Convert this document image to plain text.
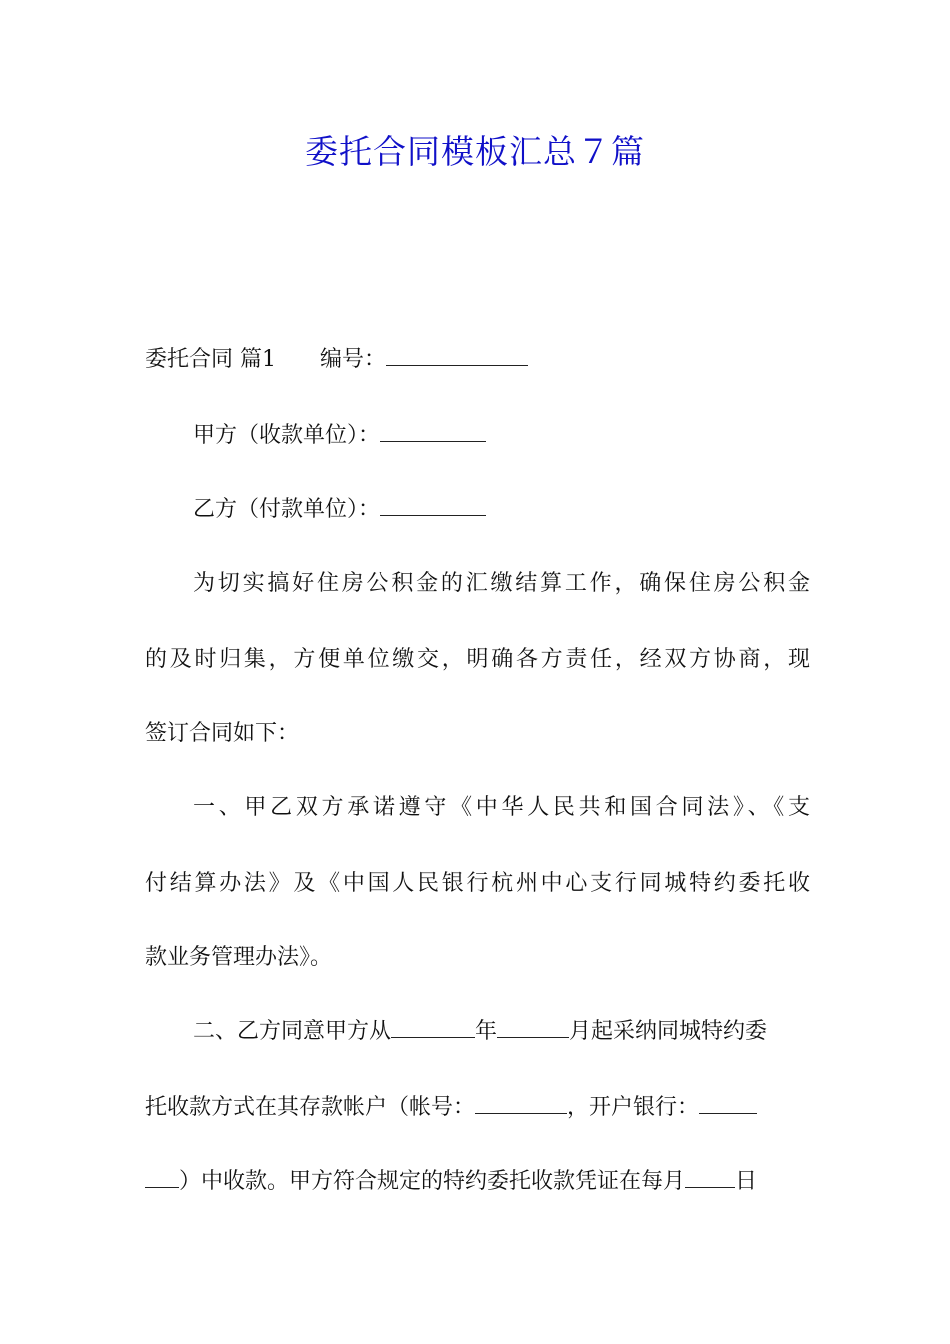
委托合同模板汇总７篇
委托合同 篇1 编号：
甲方（收款单位）：
乙方（付款单位）：
为切实搞好住房公积金的汇缴结算工作，确保住房公积金
的及时归集，方便单位缴交，明确各方责任，经双方协商，现
签订合同如下：
一、甲乙双方承诺遵守《中华人民共和国合同法》、《支
付结算办法》及《中国人民银行杭州中心支行同城特约委托收
款业务管理办法》。
二、乙方同意甲方从	年	月起采纳同城特约委
托收款方式在其存款帐户（帐号：	，开户银行：
）中收款。甲方符合规定的特约委托收款凭证在每月 日
